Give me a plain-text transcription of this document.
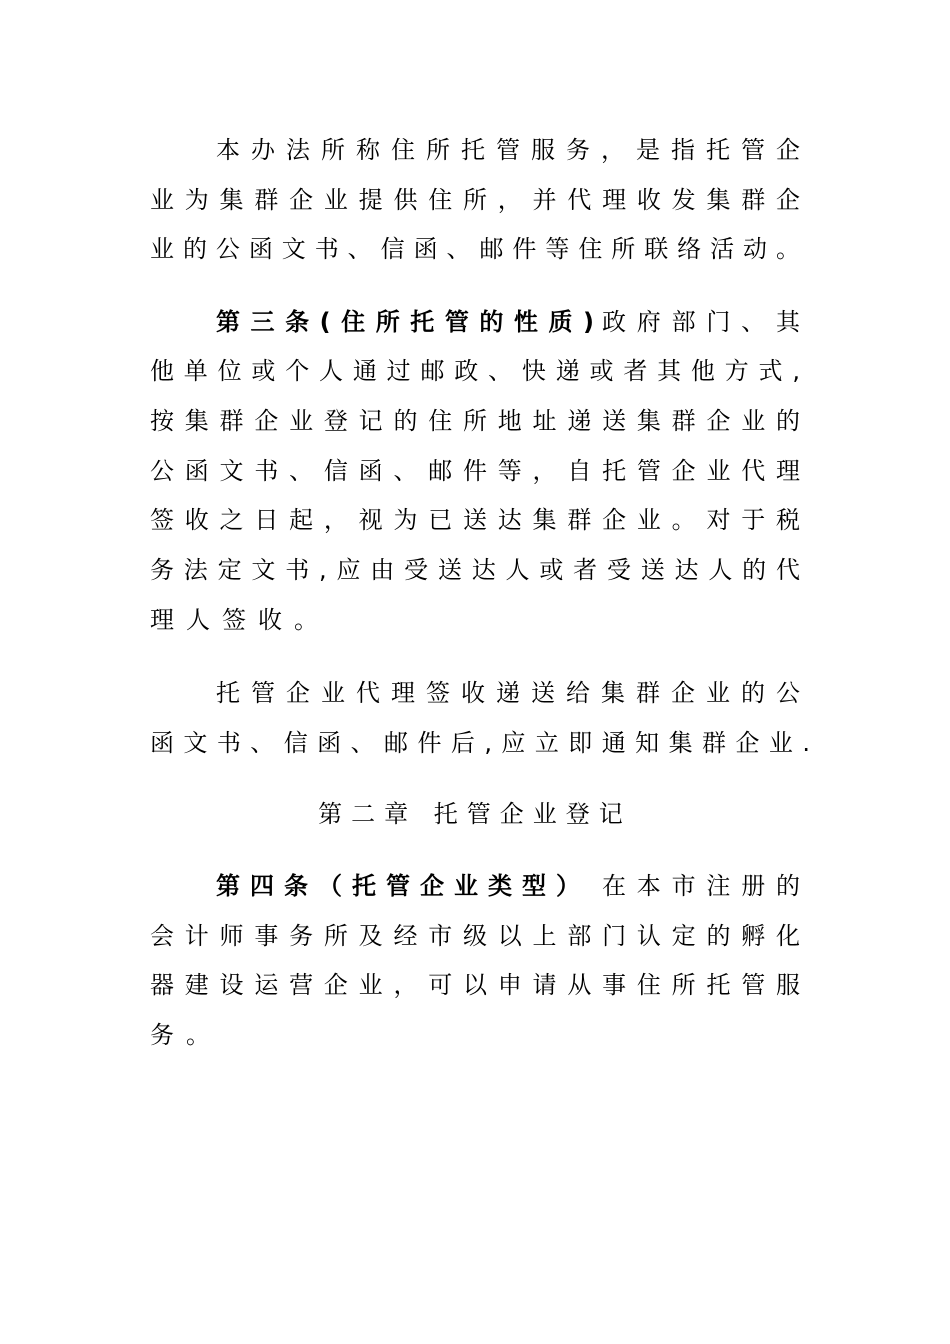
本办法所称住所托管服务，是指托管企
业为集群企业提供住所，并代理收发集群企
业的公函文书、信函、邮件等住所联络活动。
第三条(住所托管的性质) 政府部门、其
他单位或个人通过邮政、快递或者其他方式,
按集群企业登记的住所地址递送集群企业的
公函文书、信函、邮件等，自托管企业代理
签收之日起，视为已送达集群企业。对于税
务法定文书,应由受送达人或者受送达人的代
理人签收。
托管企业代理签收递送给集群企业的公
函文书、信函、邮件后,应立即通知集群企业.
第二章 托管企业登记
第四条（托管企业类型） 在本市注册的
会计师事务所及经市级以上部门认定的孵化
器建设运营企业，可以申请从事住所托管服
务。
